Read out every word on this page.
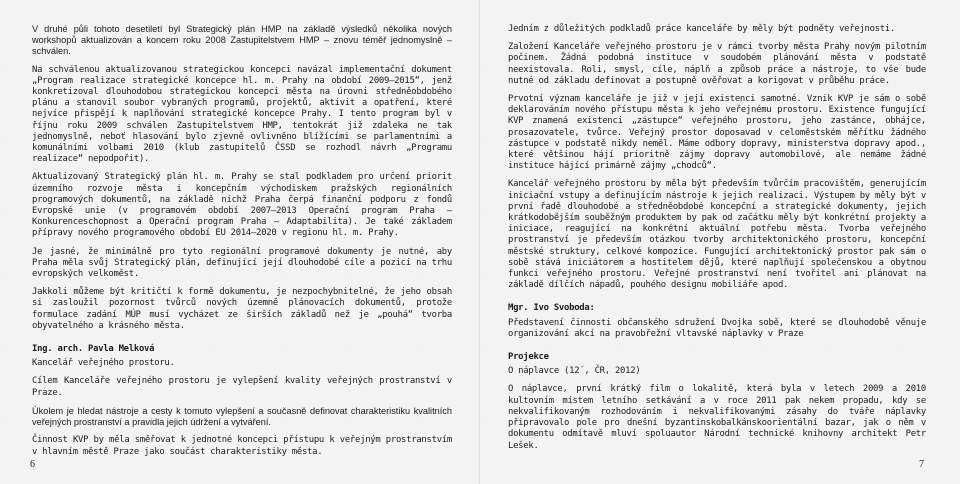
V druhé půli tohoto desetiletí byl Strategický plán HMP na základě výsledků několika nových workshopů aktualizován a koncem roku 2008 Zastupitelstvem HMP – znovu téměř jednomyslně – schválen.

Na schválenou aktualizovanou strategickou koncepci navázal implementační dokument „Program realizace strategické koncepce hl. m. Prahy na období 2009–2015“, jenž konkretizoval dlouhodobou strategickou koncepci města na úrovni středněobdobého plánu a stanovil soubor vybraných programů, projektů, aktivit a opatření, které nejvíce přispějí k naplňování strategické koncepce Prahy. I tento program byl v říjnu roku 2009 schválen Zastupitelstvem HMP, tentokrát již zdaleka ne tak jednomyslně, neboť hlasování bylo zjevně ovlivněno blížícími se parlamentními a komunálními volbami 2010 (klub zastupitelů ČSSD se rozhodl návrh „Programu realizace“ nepodpořit).

Aktualizovaný Strategický plán hl. m. Prahy se stal podkladem pro určení priorit územního rozvoje města i koncepčním východiskem pražských regionálních programových dokumentů, na základě nichž Praha čerpá finanční podporu z fondů Evropské unie (v programovém období 2007–2013 Operační program Praha – Konkurenceschopnost a Operační program Praha – Adaptabilita). Je také základem přípravy nového programového období EU 2014–2020 v regionu hl. m. Prahy.

Je jasné, že minimálně pro tyto regionální programové dokumenty je nutné, aby Praha měla svůj Strategický plán, definující její dlouhodobé cíle a pozici na trhu evropských velkoměst.

Jakkoli můžeme být kritičtí k formě dokumentu, je nezpochybnitelné, že jeho obsah si zasloužil pozornost tvůrců nových územně plánovacích dokumentů, protože formulace zadání MÚP musí vycházet ze širších základů než je „pouhá“ tvorba obyvatelného a krásného města.

Ing. arch. Pavla Melková

Kancelář veřejného prostoru.

Cílem Kanceláře veřejného prostoru je vylepšení kvality veřejných prostranství v Praze.

Úkolem je hledat nástroje a cesty k tomuto vylepšení a současně definovat charakteristiku kvalitních veřejných prostranství a pravidla jejich údržení a vytváření.

Činnost KVP by měla směřovat k jednotné koncepci přístupu k veřejným prostranstvím v hlavním městě Praze jako součást charakteristiky města.

6	7

Jedním z důležitých podkladů práce kanceláře by měly být podněty veřejnosti.

Založení Kanceláře veřejného prostoru je v rámci tvorby města Prahy novým pilotním počinem. Žádná podobná instituce v soudobém plánování města v podstatě neexistovala. Roli, smysl, cíle, náplň a způsob práce a nástroje, to vše bude nutné od základu definovat a postupně ověřovat a korigovat v průběhu práce.

Prvotní význam kanceláře je již v její existenci samotné. Vznik KVP je sám o sobě deklarováním nového přístupu města k jeho veřejnému prostoru. Existence fungující KVP znamená existenci „zástupce“ veřejného prostoru, jeho zastánce, obhájce, prosazovatele, tvůrce. Veřejný prostor doposavad v celoměstském měřítku žádného zástupce v podstatě nikdy neměl. Máme odbory dopravy, ministerstva dopravy apod., které většinou hájí prioritně zájmy dopravy automobilové, ale nemáme žádné instituce hájící primárně zájmy „chodců“.

Kancelář veřejného prostoru by měla být především tvůrčím pracovištěm, generujícím iniciační vstupy a definujícím nástroje k jejich realizaci. Výstupem by měly být v první řadě dlouhodobé a středněobdobé koncepční a strategické dokumenty, jejich krátkodobějším souběžným produktem by pak od začátku měly být konkrétní projekty a iniciace, reagující na konkrétní aktuální potřebu města. Tvorba veřejného prostranství je především otázkou tvorby architektonického prostoru, koncepční městské struktury, celkové kompozice. Fungující architektonický prostor pak sám o sobě stává iniciátorem a hostitelem dějů, které naplňují společenskou a obytnou funkci veřejného prostoru. Veřejné prostranství není tvořitel ani plánovat na základě dílčích nápadů, pouhého designu mobiliáře apod.

Mgr. Ivo Svoboda:

Představení činnosti občanského sdružení Dvojka sobě, které se dlouhodobě věnuje organizování akcí na pravobřežní vltavské náplavky v Praze

Projekce

O náplavce (12´, ČR, 2012)

O náplavce, první krátký film o lokalitě, která byla v letech 2009 a 2010 kultovním místem letního setkávání a v roce 2011 pak nekem propadu, kdy se nekvalifikovaným rozhodováním i nekvalifikovanými zásahy do tváře náplavky připravovalo pole pro dnešní byzantinskobalkánskoorientální bazar, jak o něm v dokumentu odmítavě mluví spoluautor Národní technické knihovny architekt Petr Lešek.
